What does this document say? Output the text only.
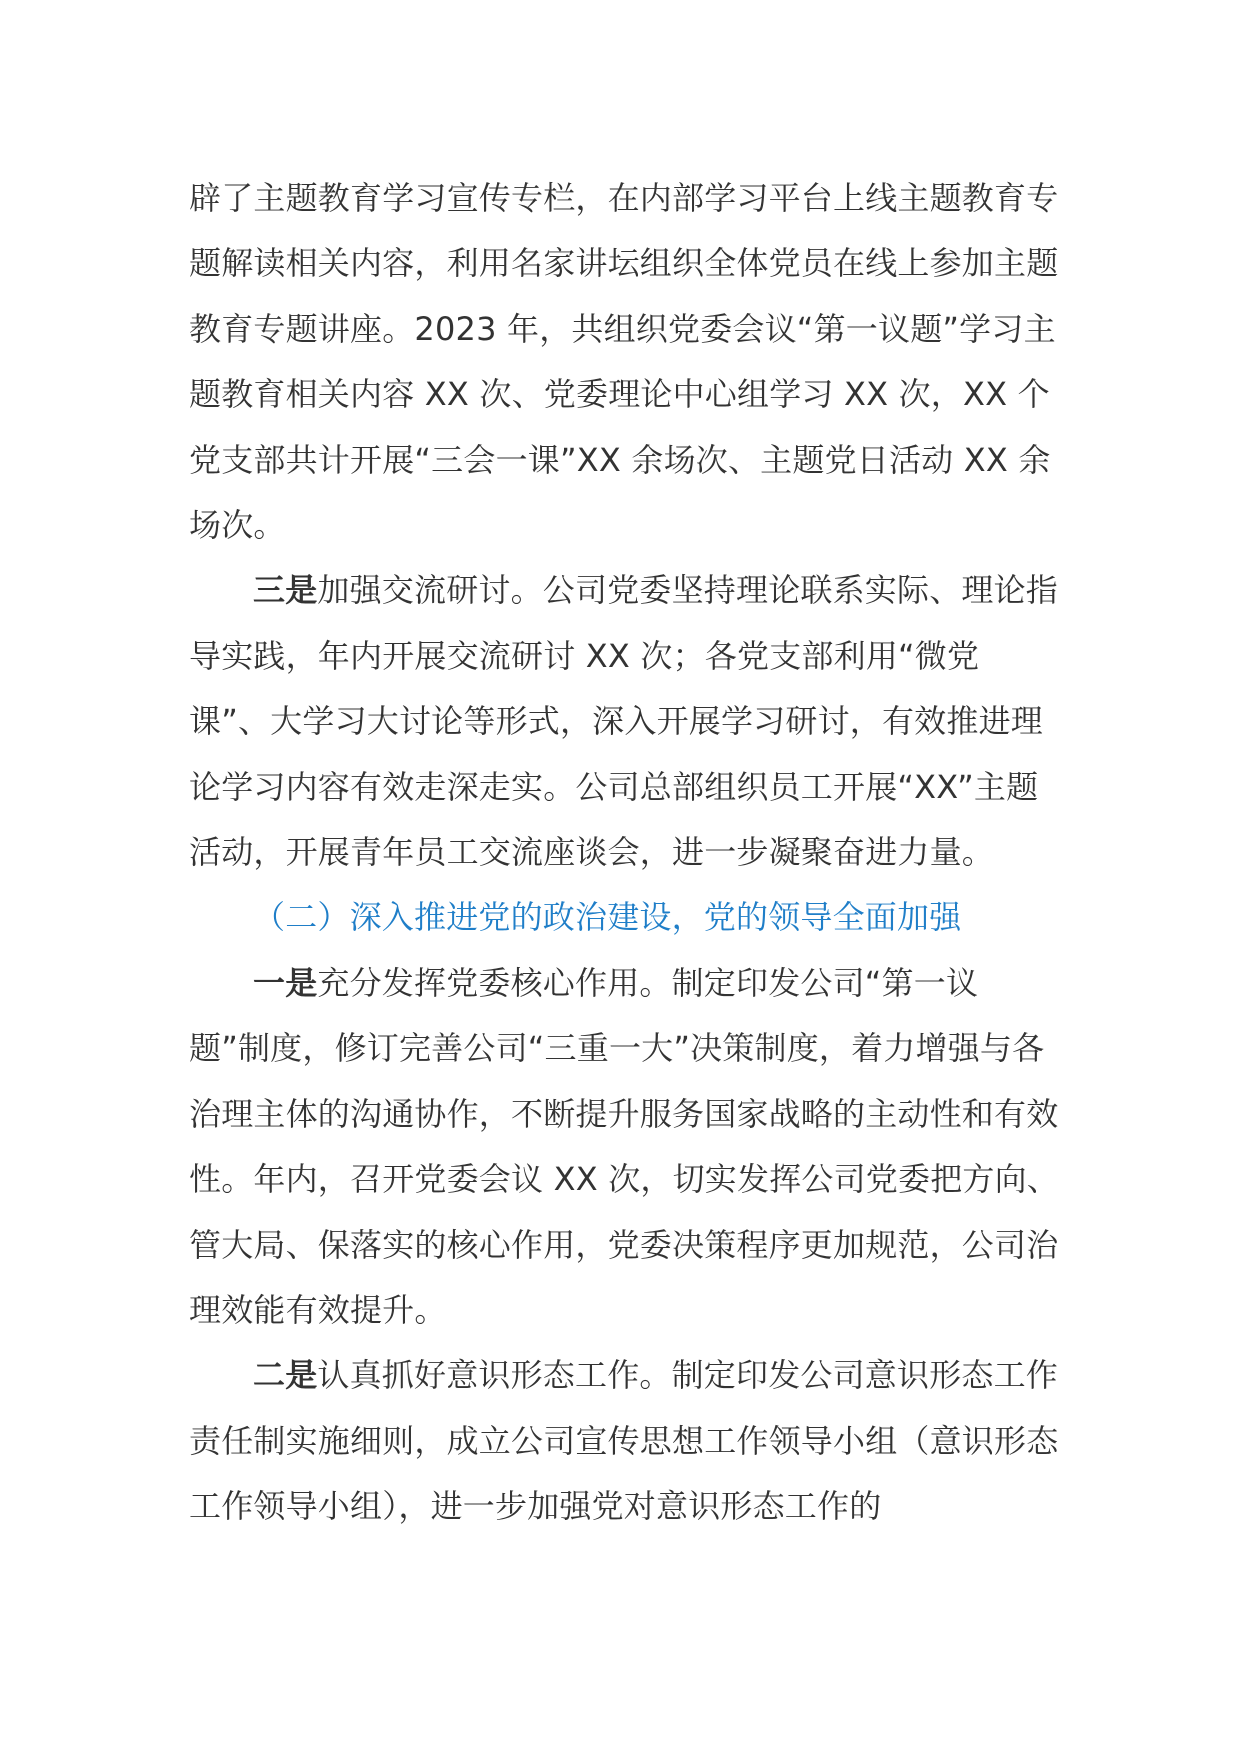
辟了主题教育学习宣传专栏，在内部学习平台上线主题教育专题解读相关内容，利用名家讲坛组织全体党员在线上参加主题教育专题讲座。2023 年，共组织党委会议“第一议题”学习主题教育相关内容 XX 次、党委理论中心组学习 XX 次，XX 个党支部共计开展“三会一课”XX 余场次、主题党日活动 XX 余场次。

三是加强交流研讨。公司党委坚持理论联系实际、理论指导实践，年内开展交流研讨 XX 次；各党支部利用“微党课”、大学习大讨论等形式，深入开展学习研讨，有效推进理论学习内容有效走深走实。公司总部组织员工开展“XX”主题活动，开展青年员工交流座谈会，进一步凝聚奋进力量。

（二）深入推进党的政治建设，党的领导全面加强

一是充分发挥党委核心作用。制定印发公司“第一议题”制度，修订完善公司“三重一大”决策制度，着力增强与各治理主体的沟通协作，不断提升服务国家战略的主动性和有效性。年内，召开党委会议 XX 次，切实发挥公司党委把方向、管大局、保落实的核心作用，党委决策程序更加规范，公司治理效能有效提升。

二是认真抓好意识形态工作。制定印发公司意识形态工作责任制实施细则，成立公司宣传思想工作领导小组（意识形态工作领导小组），进一步加强党对意识形态工作的
